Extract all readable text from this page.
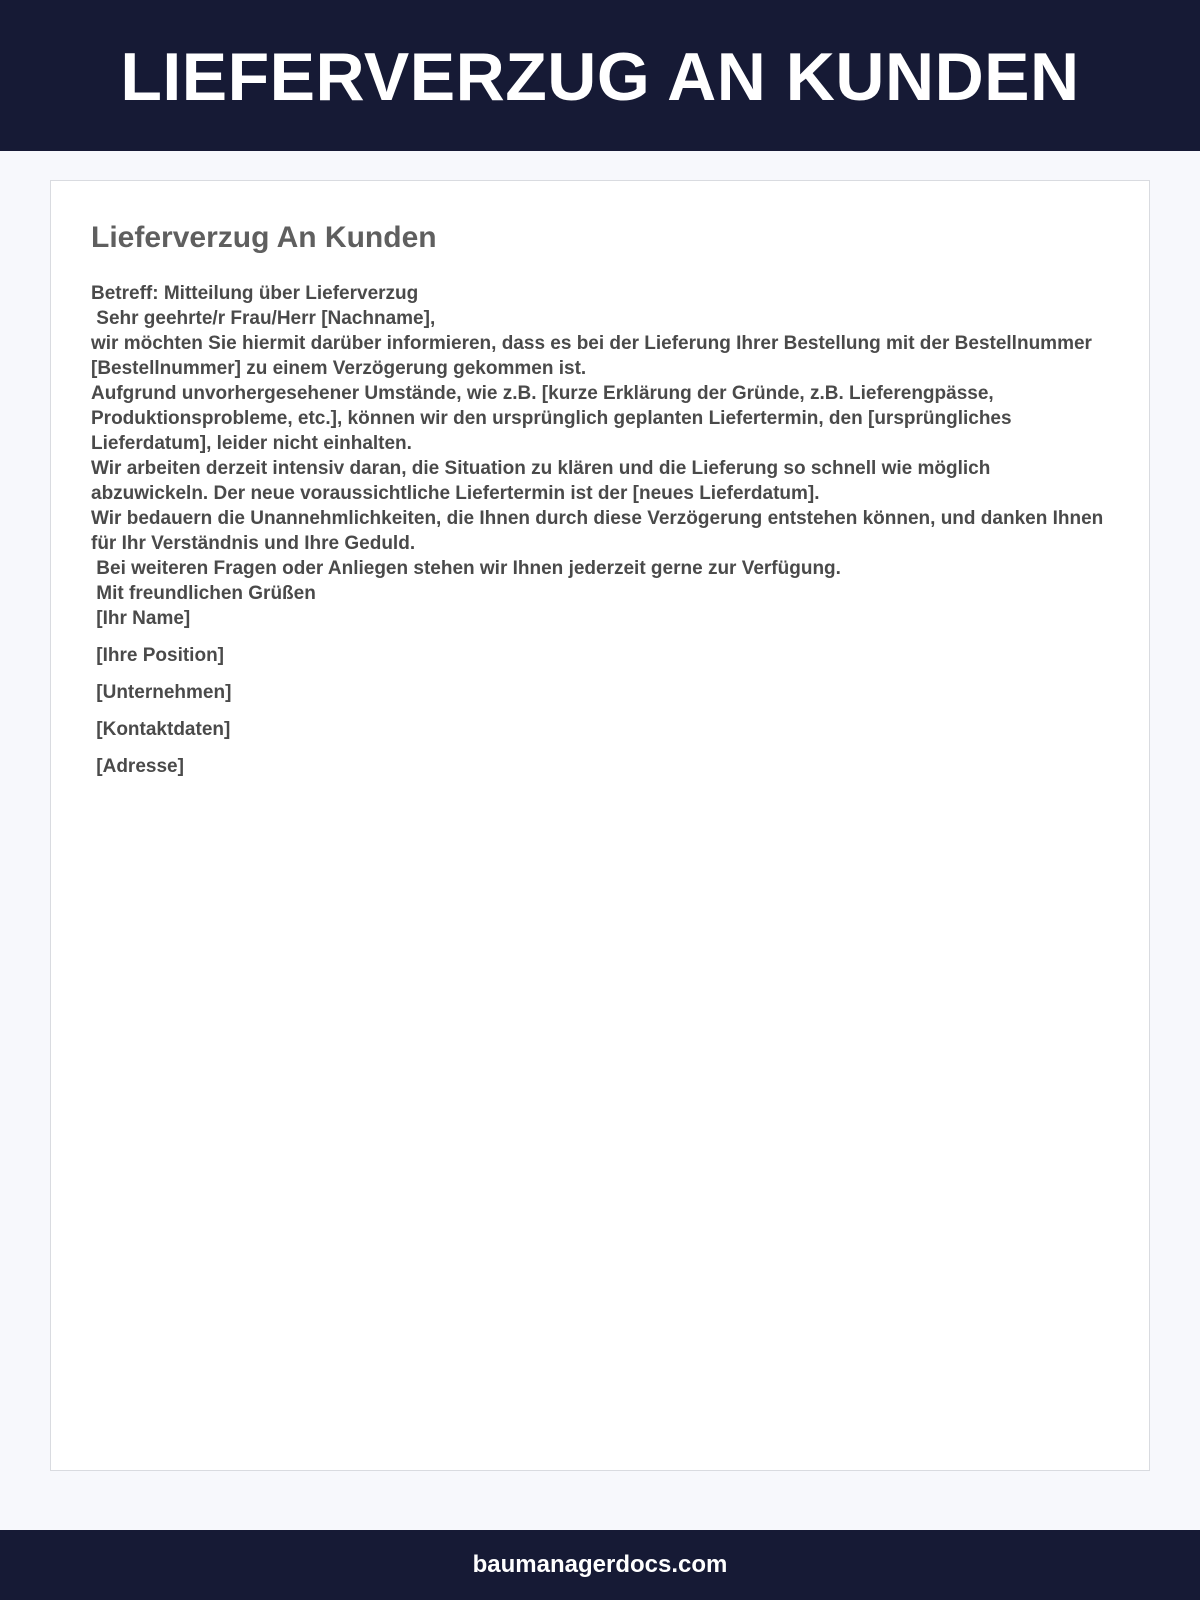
LIEFERVERZUG AN KUNDEN
Lieferverzug An Kunden

Betreff: Mitteilung über Lieferverzug

Sehr geehrte/r Frau/Herr [Nachname],

wir möchten Sie hiermit darüber informieren, dass es bei der Lieferung Ihrer Bestellung mit der Bestellnummer [Bestellnummer] zu einem Verzögerung gekommen ist.

Aufgrund unvorhergesehener Umstände, wie z.B. [kurze Erklärung der Gründe, z.B. Lieferengpässe, Produktionsprobleme, etc.], können wir den ursprünglich geplanten Liefertermin, den [ursprüngliches Lieferdatum], leider nicht einhalten.

Wir arbeiten derzeit intensiv daran, die Situation zu klären und die Lieferung so schnell wie möglich abzuwickeln. Der neue voraussichtliche Liefertermin ist der [neues Lieferdatum].

Wir bedauern die Unannehmlichkeiten, die Ihnen durch diese Verzögerung entstehen können, und danken Ihnen für Ihr Verständnis und Ihre Geduld.

Bei weiteren Fragen oder Anliegen stehen wir Ihnen jederzeit gerne zur Verfügung.

Mit freundlichen Grüßen

[Ihr Name]

[Ihre Position]

[Unternehmen]

[Kontaktdaten]

[Adresse]

baumanagerdocs.com
